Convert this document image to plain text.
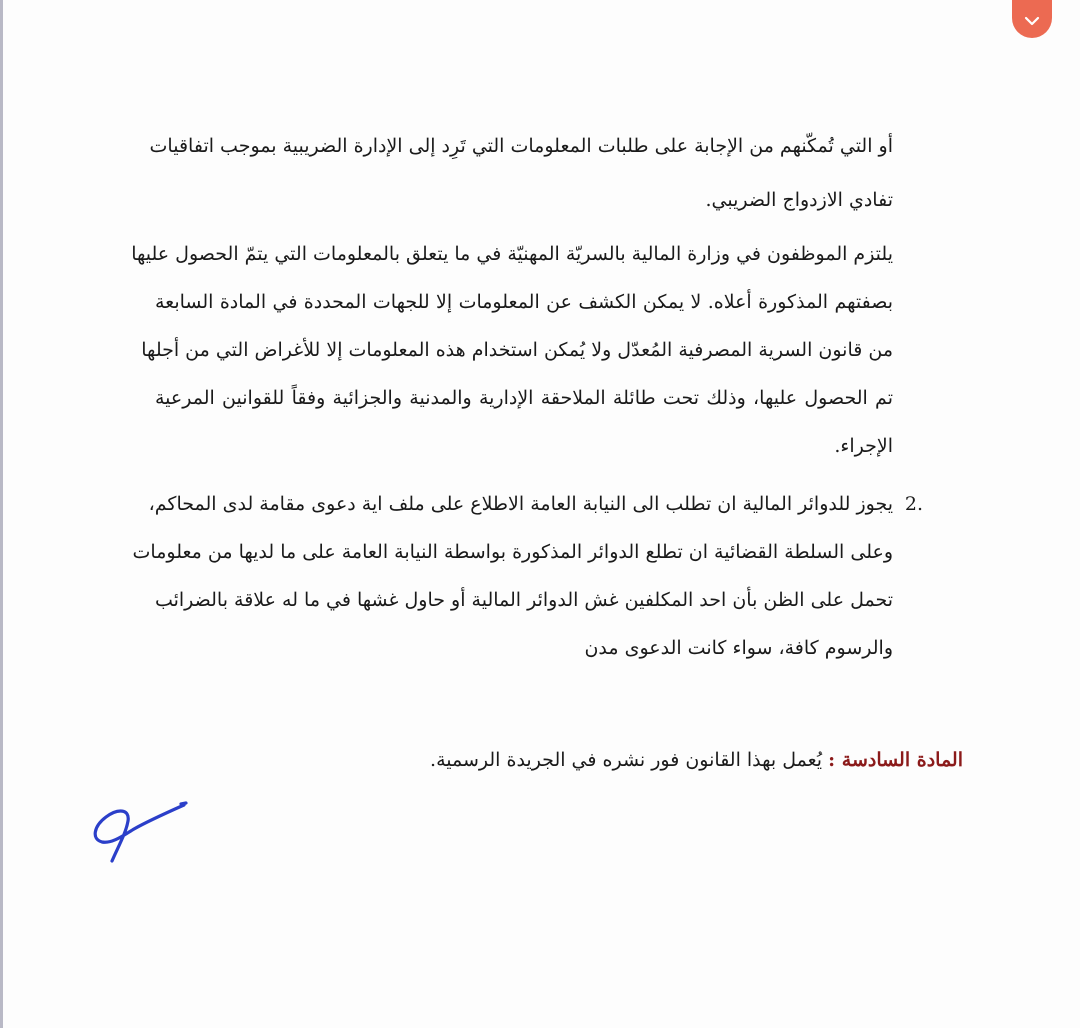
أو التي تُمكّنهم من الإجابة على طلبات المعلومات التي تَرِد إلى الإدارة الضريبية بموجب اتفاقيات
تفادي الازدواج الضريبي.
يلتزم الموظفون في وزارة المالية بالسريّة المهنيّة في ما يتعلق بالمعلومات التي يتمّ الحصول عليها
بصفتهم المذكورة أعلاه. لا يمكن الكشف عن المعلومات إلا للجهات المحددة في المادة السابعة
من قانون السرية المصرفية المُعدّل ولا يُمكن استخدام هذه المعلومات إلا للأغراض التي من أجلها
تم الحصول عليها، وذلك تحت طائلة الملاحقة الإدارية والمدنية والجزائية وفقاً للقوانين المرعية
الإجراء.
2.
يجوز للدوائر المالية ان تطلب الى النيابة العامة الاطلاع على ملف اية دعوى مقامة لدى المحاكم،
وعلى السلطة القضائية ان تطلع الدوائر المذكورة بواسطة النيابة العامة على ما لديها من معلومات
تحمل على الظن بأن احد المكلفين غش الدوائر المالية أو حاول غشها في ما له علاقة بالضرائب
والرسوم كافة، سواء كانت الدعوى مدن
المادة السادسة : يُعمل بهذا القانون فور نشره في الجريدة الرسمية.
